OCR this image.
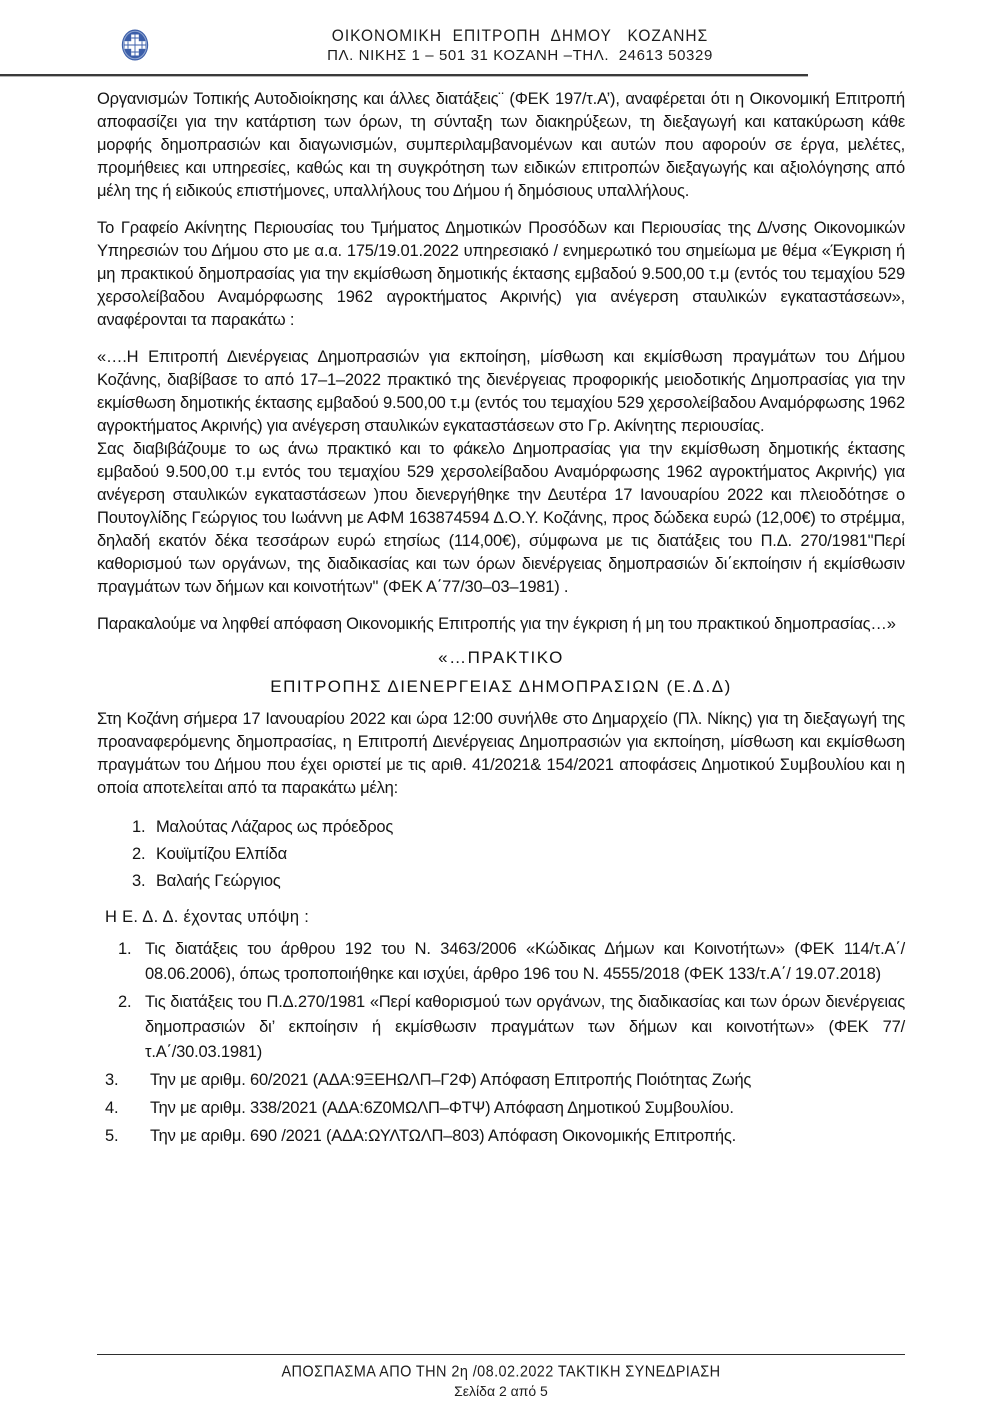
ΟΙΚΟΝΟΜΙΚΗ  ΕΠΙΤΡΟΠΗ  ΔΗΜΟΥ   ΚΟΖΑΝΗΣ
ΠΛ. ΝΙΚΗΣ 1 – 501 31 ΚΟΖΑΝΗ –ΤΗΛ.  24613 50329

Οργανισμών Τοπικής Αυτοδιοίκησης και άλλες διατάξεις¨ (ΦΕΚ 197/τ.Α’), αναφέρεται ότι η Οικονομική Επιτροπή αποφασίζει για την κατάρτιση των όρων, τη σύνταξη των διακηρύξεων, τη διεξαγωγή και κατακύρωση κάθε μορφής δημοπρασιών και διαγωνισμών, συμπεριλαμβανομένων και αυτών που αφορούν σε έργα, μελέτες, προμήθειες και υπηρεσίες, καθώς και τη συγκρότηση των ειδικών επιτροπών διεξαγωγής και αξιολόγησης από μέλη της ή ειδικούς επιστήμονες, υπαλλήλους του Δήμου ή δημόσιους υπαλλήλους.

Το Γραφείο Ακίνητης Περιουσίας του Τμήματος Δημοτικών Προσόδων και Περιουσίας της Δ/νσης Οικονομικών Υπηρεσιών του Δήμου στο με α.α. 175/19.01.2022 υπηρεσιακό / ενημερωτικό του σημείωμα με θέμα «Έγκριση ή μη πρακτικού δημοπρασίας για την εκμίσθωση δημοτικής έκτασης εμβαδού 9.500,00 τ.μ (εντός του τεμαχίου 529 χερσολείβαδου Αναμόρφωσης 1962 αγροκτήματος Ακρινής) για ανέγερση σταυλικών εγκαταστάσεων», αναφέρονται τα παρακάτω :

«….Η Επιτροπή Διενέργειας Δημοπρασιών για εκποίηση, μίσθωση και εκμίσθωση πραγμάτων του Δήμου Κοζάνης, διαβίβασε το από 17–1–2022 πρακτικό της διενέργειας προφορικής μειοδοτικής Δημοπρασίας για την εκμίσθωση δημοτικής έκτασης εμβαδού 9.500,00 τ.μ (εντός του τεμαχίου 529 χερσολείβαδου Αναμόρφωσης 1962 αγροκτήματος Ακρινής) για ανέγερση σταυλικών εγκαταστάσεων στο Γρ. Ακίνητης περιουσίας.

Σας διαβιβάζουμε το ως άνω πρακτικό και το φάκελο Δημοπρασίας για την εκμίσθωση δημοτικής έκτασης εμβαδού 9.500,00 τ.μ εντός του τεμαχίου 529 χερσολείβαδου Αναμόρφωσης 1962 αγροκτήματος Ακρινής) για ανέγερση σταυλικών εγκαταστάσεων )που διενεργήθηκε την Δευτέρα 17 Ιανουαρίου 2022 και πλειοδότησε ο Πουτογλίδης Γεώργιος του Ιωάννη με ΑΦΜ 163874594 Δ.Ο.Υ. Κοζάνης, προς δώδεκα ευρώ (12,00€) το στρέμμα, δηλαδή εκατόν δέκα τεσσάρων ευρώ ετησίως (114,00€), σύμφωνα με τις διατάξεις του Π.Δ. 270/1981''Περί καθορισμού των οργάνων, της διαδικασίας και των όρων διενέργειας δημοπρασιών δι΄εκποίησιν ή εκμίσθωσιν πραγμάτων των δήμων και κοινοτήτων'' (ΦΕΚ Α΄77/30–03–1981) .

Παρακαλούμε να ληφθεί απόφαση Οικονομικής Επιτροπής για την έγκριση ή μη του πρακτικού δημοπρασίας…»

«…ΠΡΑΚΤΙΚΟ
ΕΠΙΤΡΟΠΗΣ ΔΙΕΝΕΡΓΕΙΑΣ ΔΗΜΟΠΡΑΣΙΩΝ (Ε.Δ.Δ)

Στη Κοζάνη σήμερα 17 Ιανουαρίου 2022 και ώρα 12:00 συνήλθε στο Δημαρχείο (Πλ. Νίκης) για τη διεξαγωγή της προαναφερόμενης δημοπρασίας, η Επιτροπή Διενέργειας Δημοπρασιών για εκποίηση, μίσθωση και εκμίσθωση πραγμάτων του Δήμου που έχει οριστεί με τις αριθ. 41/2021& 154/2021 αποφάσεις Δημοτικού Συμβουλίου και η οποία αποτελείται από τα παρακάτω μέλη:

1. Μαλούτας Λάζαρος ως πρόεδρος
2. Κουϊμτίζου Ελπίδα
3. Βαλαής Γεώργιος
Η Ε. Δ. Δ. έχοντας υπόψη :
1. Τις διατάξεις του άρθρου 192 του Ν. 3463/2006 «Κώδικας Δήμων και Κοινοτήτων» (ΦΕΚ 114/τ.Α΄/ 08.06.2006), όπως τροποποιήθηκε και ισχύει, άρθρο 196 του Ν. 4555/2018 (ΦΕΚ 133/τ.Α΄/ 19.07.2018)
2. Τις διατάξεις του Π.Δ.270/1981 «Περί καθορισμού των οργάνων, της διαδικασίας και των όρων διενέργειας δημοπρασιών δι’ εκποίησιν ή εκμίσθωσιν πραγμάτων των δήμων και κοινοτήτων» (ΦΕΚ 77/τ.Α΄/30.03.1981)
3.	Την με αριθμ. 60/2021 (ΑΔΑ:9ΞΕΗΩΛΠ–Γ2Φ) Απόφαση Επιτροπής Ποιότητας Ζωής
4.	Την με αριθμ. 338/2021 (ΑΔΑ:6Ζ0ΜΩΛΠ–ΦΤΨ) Απόφαση Δημοτικού Συμβουλίου.
5.	Την με αριθμ. 690 /2021 (ΑΔΑ:ΩΥΛΤΩΛΠ–803) Απόφαση Οικονομικής Επιτροπής.
ΑΠΟΣΠΑΣΜΑ ΑΠΟ ΤΗΝ 2η /08.02.2022 ΤΑΚΤΙΚΗ ΣΥΝΕΔΡΙΑΣΗ
Σελίδα 2 από 5
